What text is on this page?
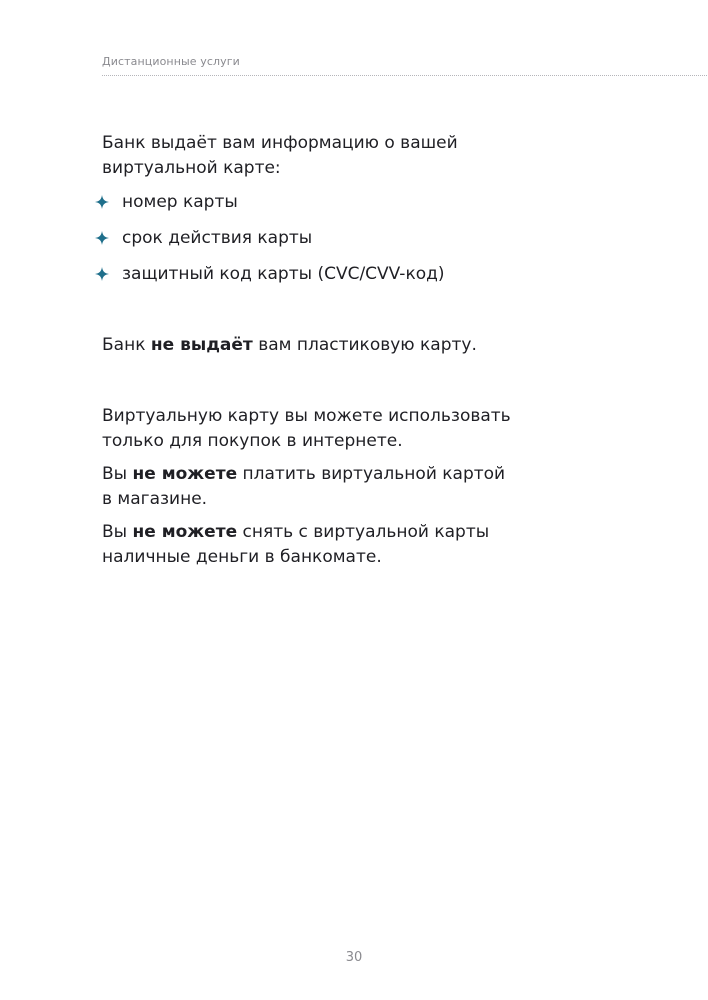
Дистанционные услуги

Банк выдаёт вам информацию о вашей
виртуальной карте:

номер карты
срок действия карты
защитный код карты (CVC/CVV-код)

Банк не выдаёт вам пластиковую карту.

Виртуальную карту вы можете использовать
только для покупок в интернете.

Вы не можете платить виртуальной картой
в магазине.

Вы не можете снять с виртуальной карты
наличные деньги в банкомате.

30
